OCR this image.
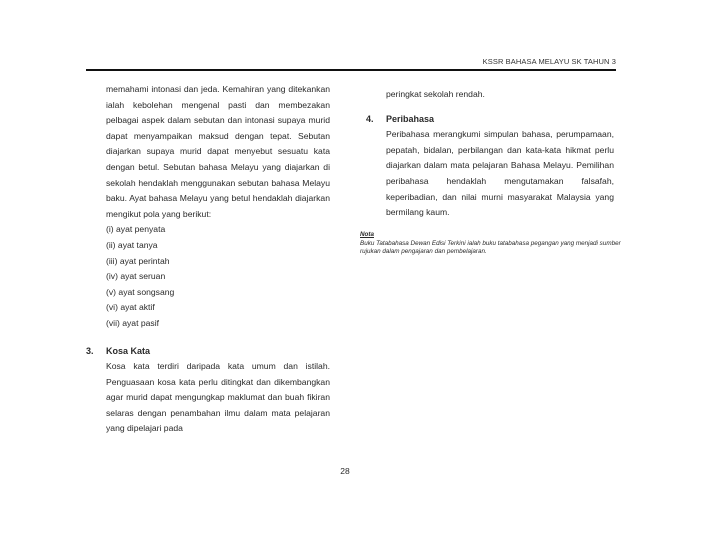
KSSR BAHASA MELAYU SK TAHUN 3

memahami intonasi dan jeda. Kemahiran yang ditekankan ialah kebolehan mengenal pasti dan membezakan pelbagai aspek dalam sebutan dan intonasi supaya murid dapat menyampaikan maksud dengan tepat. Sebutan diajarkan supaya murid dapat menyebut sesuatu kata dengan betul. Sebutan bahasa Melayu yang diajarkan di sekolah hendaklah menggunakan sebutan bahasa Melayu baku. Ayat bahasa Melayu yang betul hendaklah diajarkan mengikut pola yang berikut:

(i) ayat penyata
(ii) ayat tanya
(iii) ayat perintah
(iv) ayat seruan
(v) ayat songsang
(vi) ayat aktif
(vii) ayat pasif
3. Kosa Kata

Kosa kata terdiri daripada kata umum dan istilah. Penguasaan kosa kata perlu ditingkat dan dikembangkan agar murid dapat mengungkap maklumat dan buah fikiran selaras dengan penambahan ilmu dalam mata pelajaran yang dipelajari pada

peringkat sekolah rendah.

4. Peribahasa

Peribahasa merangkumi simpulan bahasa, perumpamaan, pepatah, bidalan, perbilangan dan kata-kata hikmat perlu diajarkan dalam mata pelajaran Bahasa Melayu. Pemilihan peribahasa hendaklah mengutamakan falsafah, keperibadian, dan nilai murni masyarakat Malaysia yang bermilang kaum.

Nota
Buku Tatabahasa Dewan Edisi Terkini ialah buku tatabahasa pegangan yang menjadi sumber rujukan dalam pengajaran dan pembelajaran.
28
